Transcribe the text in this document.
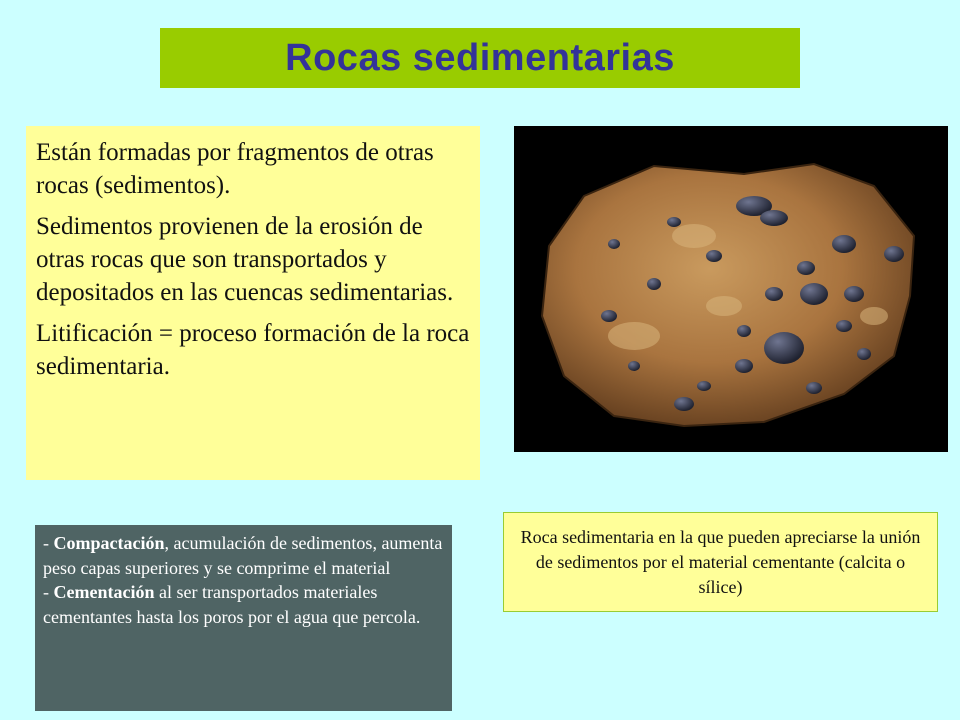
Rocas sedimentarias

Están formadas por fragmentos de otras rocas (sedimentos).

Sedimentos provienen de la erosión de otras rocas que son transportados y depositados en las cuencas sedimentarias.

Litificación = proceso formación de la roca sedimentaria.

Roca sedimentaria en la que pueden apreciarse la unión de sedimentos por el material cementante (calcita o sílice)

- Compactación, acumulación de sedimentos, aumenta peso capas superiores y se comprime el material

- Cementación al ser transportados materiales cementantes hasta los poros por el agua que percola.
